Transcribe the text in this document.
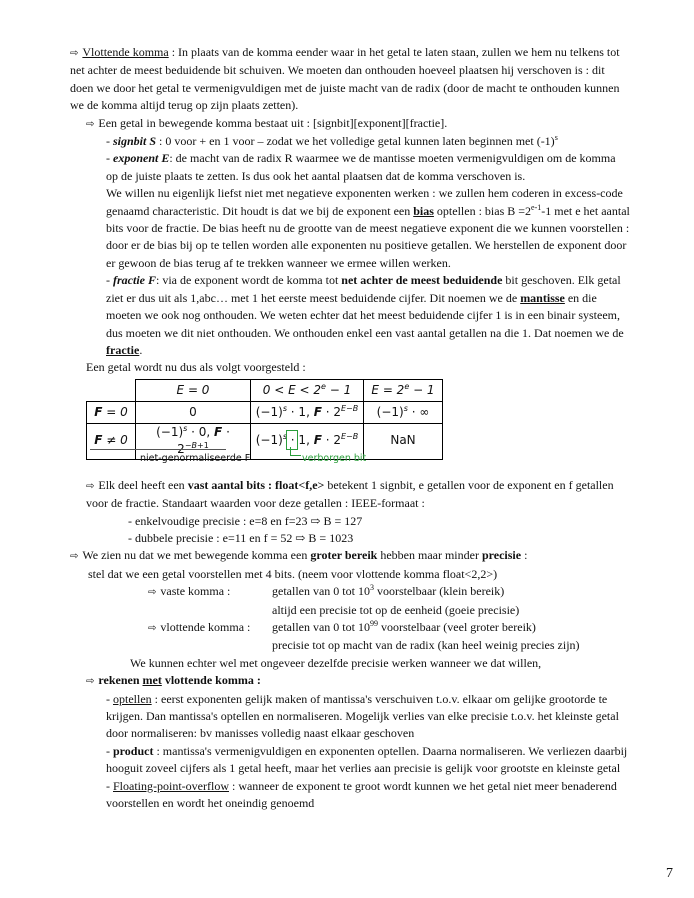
⇨ Vlottende komma : In plaats van de komma eender waar in het getal te laten staan, zullen we hem nu telkens tot net achter de meest beduidende bit schuiven. We moeten dan onthouden hoeveel plaatsen hij verschoven is : dit doen we door het getal te vermenigvuldigen met de juiste macht van de radix (door de macht te onthouden kunnen we de komma altijd terug op zijn plaats zetten).

⇨ Een getal in bewegende komma bestaat uit : [signbit][exponent][fractie].

- signbit S : 0 voor + en 1 voor – zodat we het volledige getal kunnen laten beginnen met $(-1)^s$

- exponent E: de macht van de radix R waarmee we de mantisse moeten vermenigvuldigen om de komma op de juiste plaats te zetten. Is dus ook het aantal plaatsen dat de komma verschoven is.

We willen nu eigenlijk liefst niet met negatieve exponenten werken : we zullen hem coderen in excess-code genaamd characteristic. Dit houdt is dat we bij de exponent een bias optellen : bias $B =2^{e-1}-1$ met e het aantal bits voor de fractie. De bias heeft nu de grootte van de meest negatieve exponent die we kunnen voorstellen : door er de bias bij op te tellen worden alle exponenten nu positieve getallen. We herstellen de exponent door er gewoon de bias terug af te trekken wanneer we ermee willen werken.

- fractie F: via de exponent wordt de komma tot net achter de meest beduidende bit geschoven. Elk getal ziet er dus uit als 1,abc… met 1 het eerste meest beduidende cijfer. Dit noemen we de mantisse en die moeten we ook nog onthouden. We weten echter dat het meest beduidende cijfer 1 is in een binair systeem, dus moeten we dit niet onthouden. We onthouden enkel een vast aantal getallen na die 1. Dat noemen we de fractie.

Een getal wordt nu dus als volgt voorgesteld :

	E = 0	$0 < E < 2^e - 1$	$E = 2^e - 1$
F = 0	0	$(-1)^s \cdot 1$, $F \cdot 2^{E-B}$	$(-1)^s$ · ∞
F ≠ 0	$(-1)^s \cdot 0$, $F \cdot 2^{-B+1}$	$(-1)^s \cdot 1$, $F \cdot 2^{E-B}$	NaN
niet-genormaliseerde F	verborgen bit

⇨ Elk deel heeft een vast aantal bits : float<f,e> betekent 1 signbit, e getallen voor de exponent en f getallen voor de fractie. Standaart waarden voor deze getallen : IEEE-formaat :

- enkelvoudige precisie : e=8 en f=23 ⇨ B = 127

- dubbele precisie : e=11 en f = 52 ⇨ B = 1023

⇨ We zien nu dat we met bewegende komma een groter bereik hebben maar minder precisie :

stel dat we een getal voorstellen met 4 bits. (neem voor vlottende komma float<2,2>)

⇨ vaste komma :	getallen van 0 tot $10^3$ voorstelbaar (klein bereik)

altijd een precisie tot op de eenheid (goeie precisie)

⇨ vlottende komma :	getallen van 0 tot $10^{99}$ voorstelbaar (veel groter bereik)

precisie tot op macht van de radix (kan heel weinig precies zijn)

We kunnen echter wel met ongeveer dezelfde precisie werken wanneer we dat willen,

⇨ rekenen met vlottende komma :

- optellen : eerst exponenten gelijk maken of mantissa's verschuiven t.o.v. elkaar om gelijke grootorde te krijgen. Dan mantissa's optellen en normaliseren. Mogelijk verlies van elke precisie t.o.v. het kleinste getal door normaliseren: bv manisses volledig naast elkaar geschoven

- product : mantissa's vermenigvuldigen en exponenten optellen. Daarna normaliseren. We verliezen daarbij hooguit zoveel cijfers als 1 getal heeft, maar het verlies aan precisie is gelijk voor grootste en kleinste getal

- Floating-point-overflow : wanneer de exponent te groot wordt kunnen we het getal niet meer benaderend voorstellen en wordt het oneindig genoemd

7
